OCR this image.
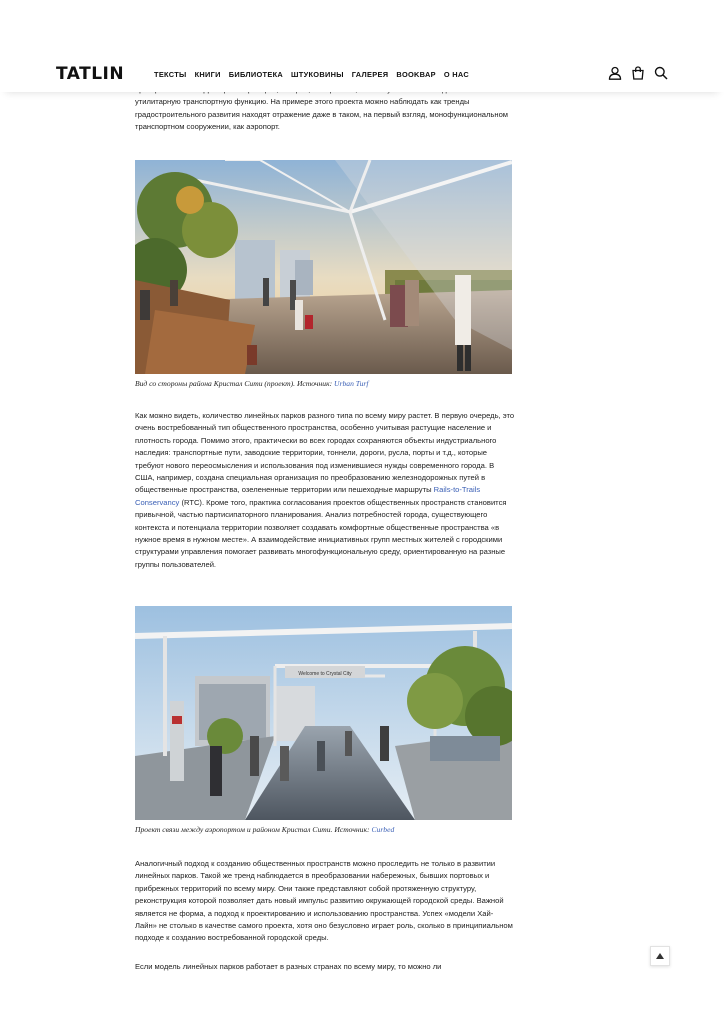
утилитарную транспортную функцию. На примере этого проекта можно наблюдать как тренды градостроительного развития находят отражение даже в таком, на первый взгляд, монофункциональном транспортном сооружении, как аэропорт.

Вид со стороны района Кристал Сити (проект). Источник: Urban Turf

Как можно видеть, количество линейных парков разного типа по всему миру растет. В первую очередь, это очень востребованный тип общественного пространства, особенно учитывая растущие население и плотность города. Помимо этого, практически во всех городах сохраняются объекты индустриального наследия: транспортные пути, заводские территории, тоннели, дороги, русла, порты и т.д., которые требуют нового переосмысления и использования под изменившиеся нужды современного города. В США, например, создана специальная организация по преобразованию железнодорожных путей в общественные пространства, озелененные территории или пешеходные маршруты Rails-to-Trails Conservancy (RTC). Кроме того, практика согласования проектов общественных пространств становится привычной, частью партисипаторного планирования. Анализ потребностей города, существующего контекста и потенциала территории позволяет создавать комфортные общественные пространства «в нужное время в нужном месте». А взаимодействие инициативных групп местных жителей с городскими структурами управления помогает развивать многофункциональную среду, ориентированную на разные группы пользователей.

Welcome to Crystal City
Проект связи между аэропортом и районом Кристал Сити. Источник: Curbed

Аналогичный подход к созданию общественных пространств можно проследить не только в развитии линейных парков. Такой же тренд наблюдается в преобразовании набережных, бывших портовых и прибрежных территорий по всему миру. Они также представляют собой протяженную структуру, реконструкция которой позволяет дать новый импульс развитию окружающей городской среды. Важной является не форма, а подход к проектированию и использованию пространства. Успех «модели Хай-Лайн» не столько в качестве самого проекта, хотя оно безусловно играет роль, сколько в принципиальном подходе к созданию востребованной городской среды.

Если модель линейных парков работает в разных странах по всему миру, то можно ли

TATLIN	ТЕКСТЫ КНИГИ БИБЛИОТЕКА ШТУКОВИНЫ ГАЛЕРЕЯ BOOKВАР О НАС
